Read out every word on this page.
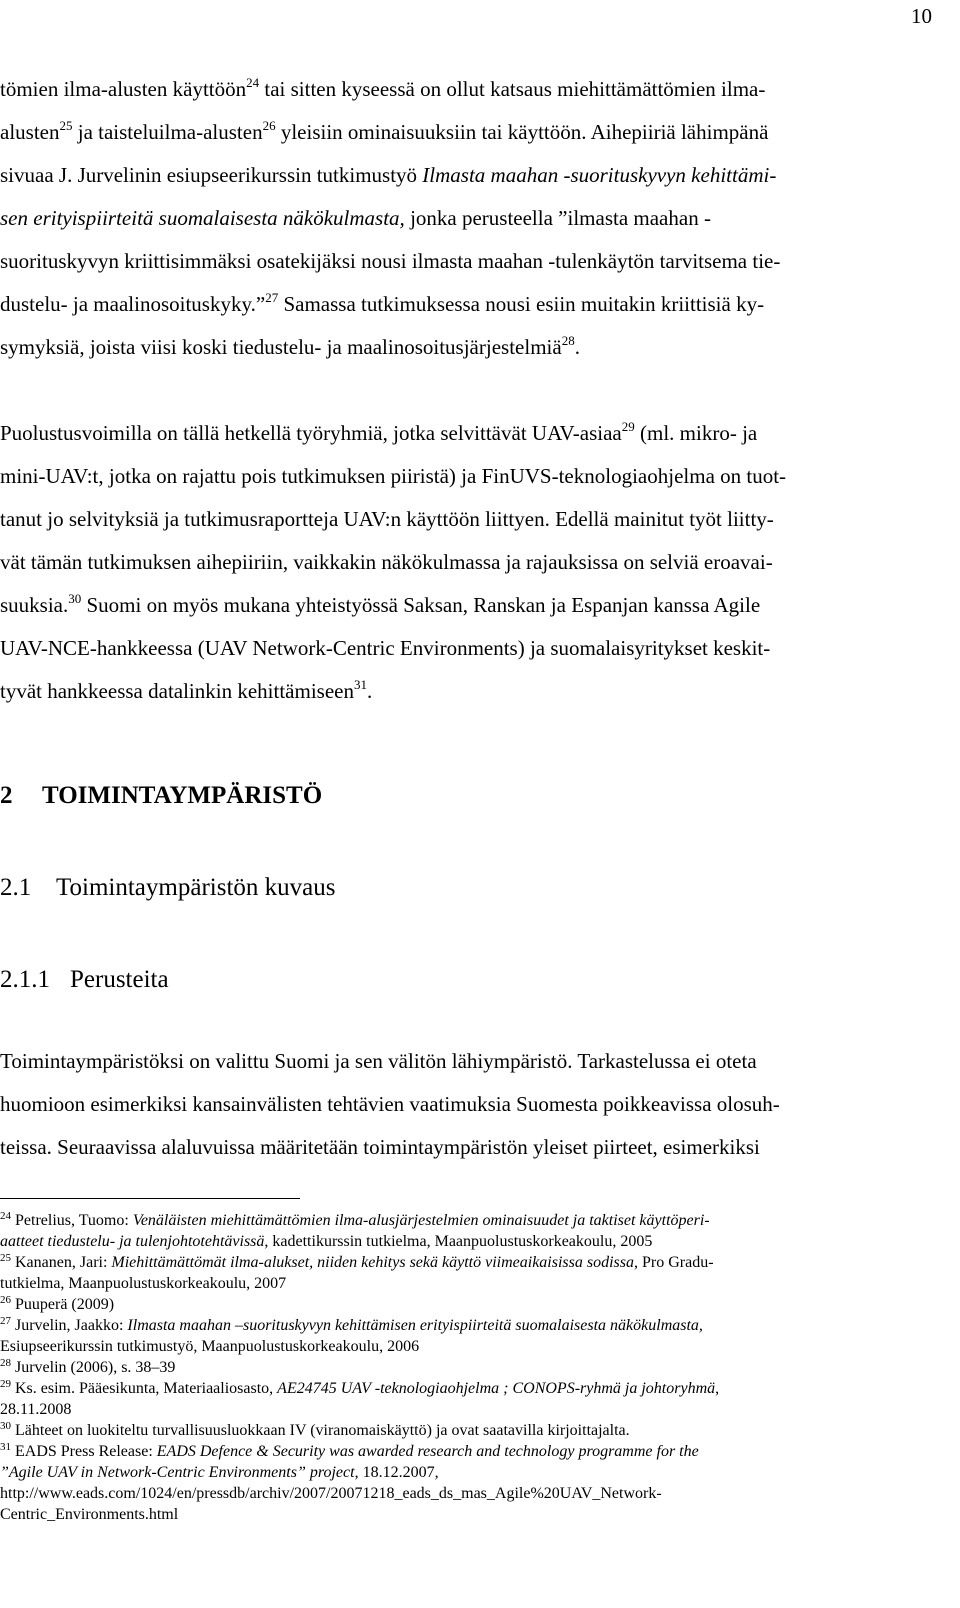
10
tömien ilma-alusten käyttöön$^{24}$ tai sitten kyseessä on ollut katsaus miehittämättömien ilma-
alusten$^{25}$ ja taisteluilma-alusten$^{26}$ yleisiin ominaisuuksiin tai käyttöön. Aihepiiriä lähimpänä
sivuaa J. Jurvelinin esiupseerikurssin tutkimustyö Ilmasta maahan -suorituskyvyn kehittämi-
sen erityispiirteitä suomalaisesta näkökulmasta, jonka perusteella ”ilmasta maahan -
suorituskyvyn kriittisimmäksi osatekijäksi nousi ilmasta maahan -tulenkäytön tarvitsema tie-
dustelu- ja maalinosoituskyky.”$^{27}$ Samassa tutkimuksessa nousi esiin muitakin kriittisiä ky-
symyksiä, joista viisi koski tiedustelu- ja maalinosoitusjärjestelmiä$^{28}$.
Puolustusvoimilla on tällä hetkellä työryhmiä, jotka selvittävät UAV-asiaa$^{29}$ (ml. mikro- ja
mini-UAV:t, jotka on rajattu pois tutkimuksen piiristä) ja FinUVS-teknologiaohjelma on tuot-
tanut jo selvityksiä ja tutkimusraportteja UAV:n käyttöön liittyen. Edellä mainitut työt liitty-
vät tämän tutkimuksen aihepiiriin, vaikkakin näkökulmassa ja rajauksissa on selviä eroavai-
suuksia.$^{30}$ Suomi on myös mukana yhteistyössä Saksan, Ranskan ja Espanjan kanssa Agile
UAV-NCE-hankkeessa (UAV Network-Centric Environments) ja suomalaisyritykset keskit-
tyvät hankkeessa datalinkin kehittämiseen$^{31}$.
2 TOIMINTAYMPÄRISTÖ
2.1 Toimintaympäristön kuvaus
2.1.1 Perusteita
Toimintaympäristöksi on valittu Suomi ja sen välitön lähiympäristö. Tarkastelussa ei oteta
huomioon esimerkiksi kansainvälisten tehtävien vaatimuksia Suomesta poikkeavissa olosuh-
teissa. Seuraavissa alaluvuissa määritetään toimintaympäristön yleiset piirteet, esimerkiksi
$^{24}$ Petrelius, Tuomo: Venäläisten miehittämättömien ilma-alusjärjestelmien ominaisuudet ja taktiset käyttöperi-
aatteet tiedustelu- ja tulenjohtotehtävissä, kadettikurssin tutkielma, Maanpuolustuskorkeakoulu, 2005
$^{25}$ Kananen, Jari: Miehittämättömät ilma-alukset, niiden kehitys sekä käyttö viimeaikaisissa sodissa, Pro Gradu-
tutkielma, Maanpuolustuskorkeakoulu, 2007
$^{26}$ Puuperä (2009)
$^{27}$ Jurvelin, Jaakko: Ilmasta maahan –suorituskyvyn kehittämisen erityispiirteitä suomalaisesta näkökulmasta,
Esiupseerikurssin tutkimustyö, Maanpuolustuskorkeakoulu, 2006
$^{28}$ Jurvelin (2006), s. 38–39
$^{29}$ Ks. esim. Pääesikunta, Materiaaliosasto, AE24745 UAV -teknologiaohjelma ; CONOPS-ryhmä ja johtoryhmä,
28.11.2008
$^{30}$ Lähteet on luokiteltu turvallisuusluokkaan IV (viranomaiskäyttö) ja ovat saatavilla kirjoittajalta.
$^{31}$ EADS Press Release: EADS Defence & Security was awarded research and technology programme for the
”Agile UAV in Network-Centric Environments” project, 18.12.2007,
http://www.eads.com/1024/en/pressdb/archiv/2007/20071218_eads_ds_mas_Agile%20UAV_Network-
Centric_Environments.html
